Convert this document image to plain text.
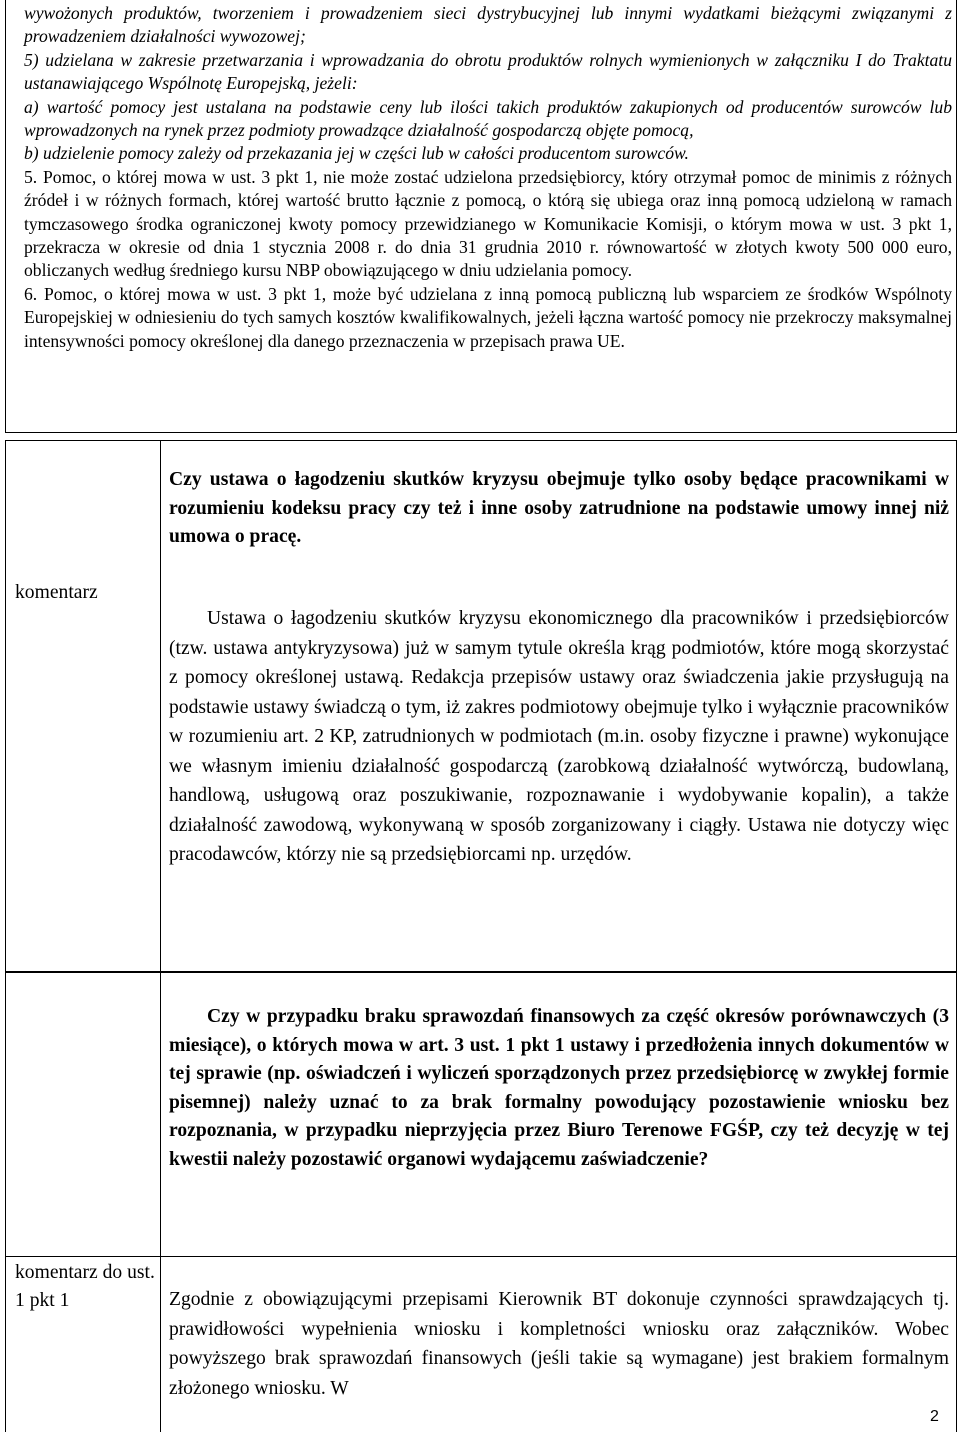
wywożonych produktów, tworzeniem i prowadzeniem sieci dystrybucyjnej lub innymi wydatkami bieżącymi związanymi z prowadzeniem działalności wywozowej;

5) udzielana w zakresie przetwarzania i wprowadzania do obrotu produktów rolnych wymienionych w załączniku I do Traktatu ustanawiającego Wspólnotę Europejską, jeżeli:

a) wartość pomocy jest ustalana na podstawie ceny lub ilości takich produktów zakupionych od producentów surowców lub wprowadzonych na rynek przez podmioty prowadzące działalność gospodarczą objęte pomocą,

b) udzielenie pomocy zależy od przekazania jej w części lub w całości producentom surowców.

5. Pomoc, o której mowa w ust. 3 pkt 1, nie może zostać udzielona przedsiębiorcy, który otrzymał pomoc de minimis z różnych źródeł i w różnych formach, której wartość brutto łącznie z pomocą, o którą się ubiega oraz inną pomocą udzieloną w ramach tymczasowego środka ograniczonej kwoty pomocy przewidzianego w Komunikacie Komisji, o którym mowa w ust. 3 pkt 1, przekracza w okresie od dnia 1 stycznia 2008 r. do dnia 31 grudnia 2010 r. równowartość w złotych kwoty 500 000 euro, obliczanych według średniego kursu NBP obowiązującego w dniu udzielania pomocy.

6. Pomoc, o której mowa w ust. 3 pkt 1, może być udzielana z inną pomocą publiczną lub wsparciem ze środków Wspólnoty Europejskiej w odniesieniu do tych samych kosztów kwalifikowalnych, jeżeli łączna wartość pomocy nie przekroczy maksymalnej intensywności pomocy określonej dla danego przeznaczenia w przepisach prawa UE.

Czy ustawa o łagodzeniu skutków kryzysu obejmuje tylko osoby będące pracownikami w rozumieniu kodeksu pracy czy też i inne osoby zatrudnione na podstawie umowy innej niż umowa o pracę.
komentarz
Ustawa o łagodzeniu skutków kryzysu ekonomicznego dla pracowników i przedsiębiorców (tzw. ustawa antykryzysowa) już w samym tytule określa krąg podmiotów, które mogą skorzystać z pomocy określonej ustawą. Redakcja przepisów ustawy oraz świadczenia jakie przysługują na podstawie ustawy świadczą o tym, iż zakres podmiotowy obejmuje tylko i wyłącznie pracowników w rozumieniu art. 2 KP, zatrudnionych w podmiotach (m.in. osoby fizyczne i prawne) wykonujące we własnym imieniu działalność gospodarczą (zarobkową działalność wytwórczą, budowlaną, handlową, usługową oraz poszukiwanie, rozpoznawanie i wydobywanie kopalin), a także działalność zawodową, wykonywaną w sposób zorganizowany i ciągły. Ustawa nie dotyczy więc pracodawców, którzy nie są przedsiębiorcami np. urzędów.
Czy w przypadku braku sprawozdań finansowych za część okresów porównawczych (3 miesiące), o których mowa w art. 3 ust. 1 pkt 1 ustawy i przedłożenia innych dokumentów w tej sprawie (np. oświadczeń i wyliczeń sporządzonych przez przedsiębiorcę w zwykłej formie pisemnej) należy uznać to za brak formalny powodujący pozostawienie wniosku bez rozpoznania, w przypadku nieprzyjęcia przez Biuro Terenowe FGŚP, czy też decyzję w tej kwestii należy pozostawić organowi wydającemu zaświadczenie?
komentarz do ust. 1 pkt 1	Zgodnie z obowiązującymi przepisami Kierownik BT dokonuje czynności sprawdzających tj. prawidłowości wypełnienia wniosku i kompletności wniosku oraz załączników. Wobec powyższego brak sprawozdań finansowych (jeśli takie są wymagane) jest brakiem formalnym złożonego wniosku. W
2
